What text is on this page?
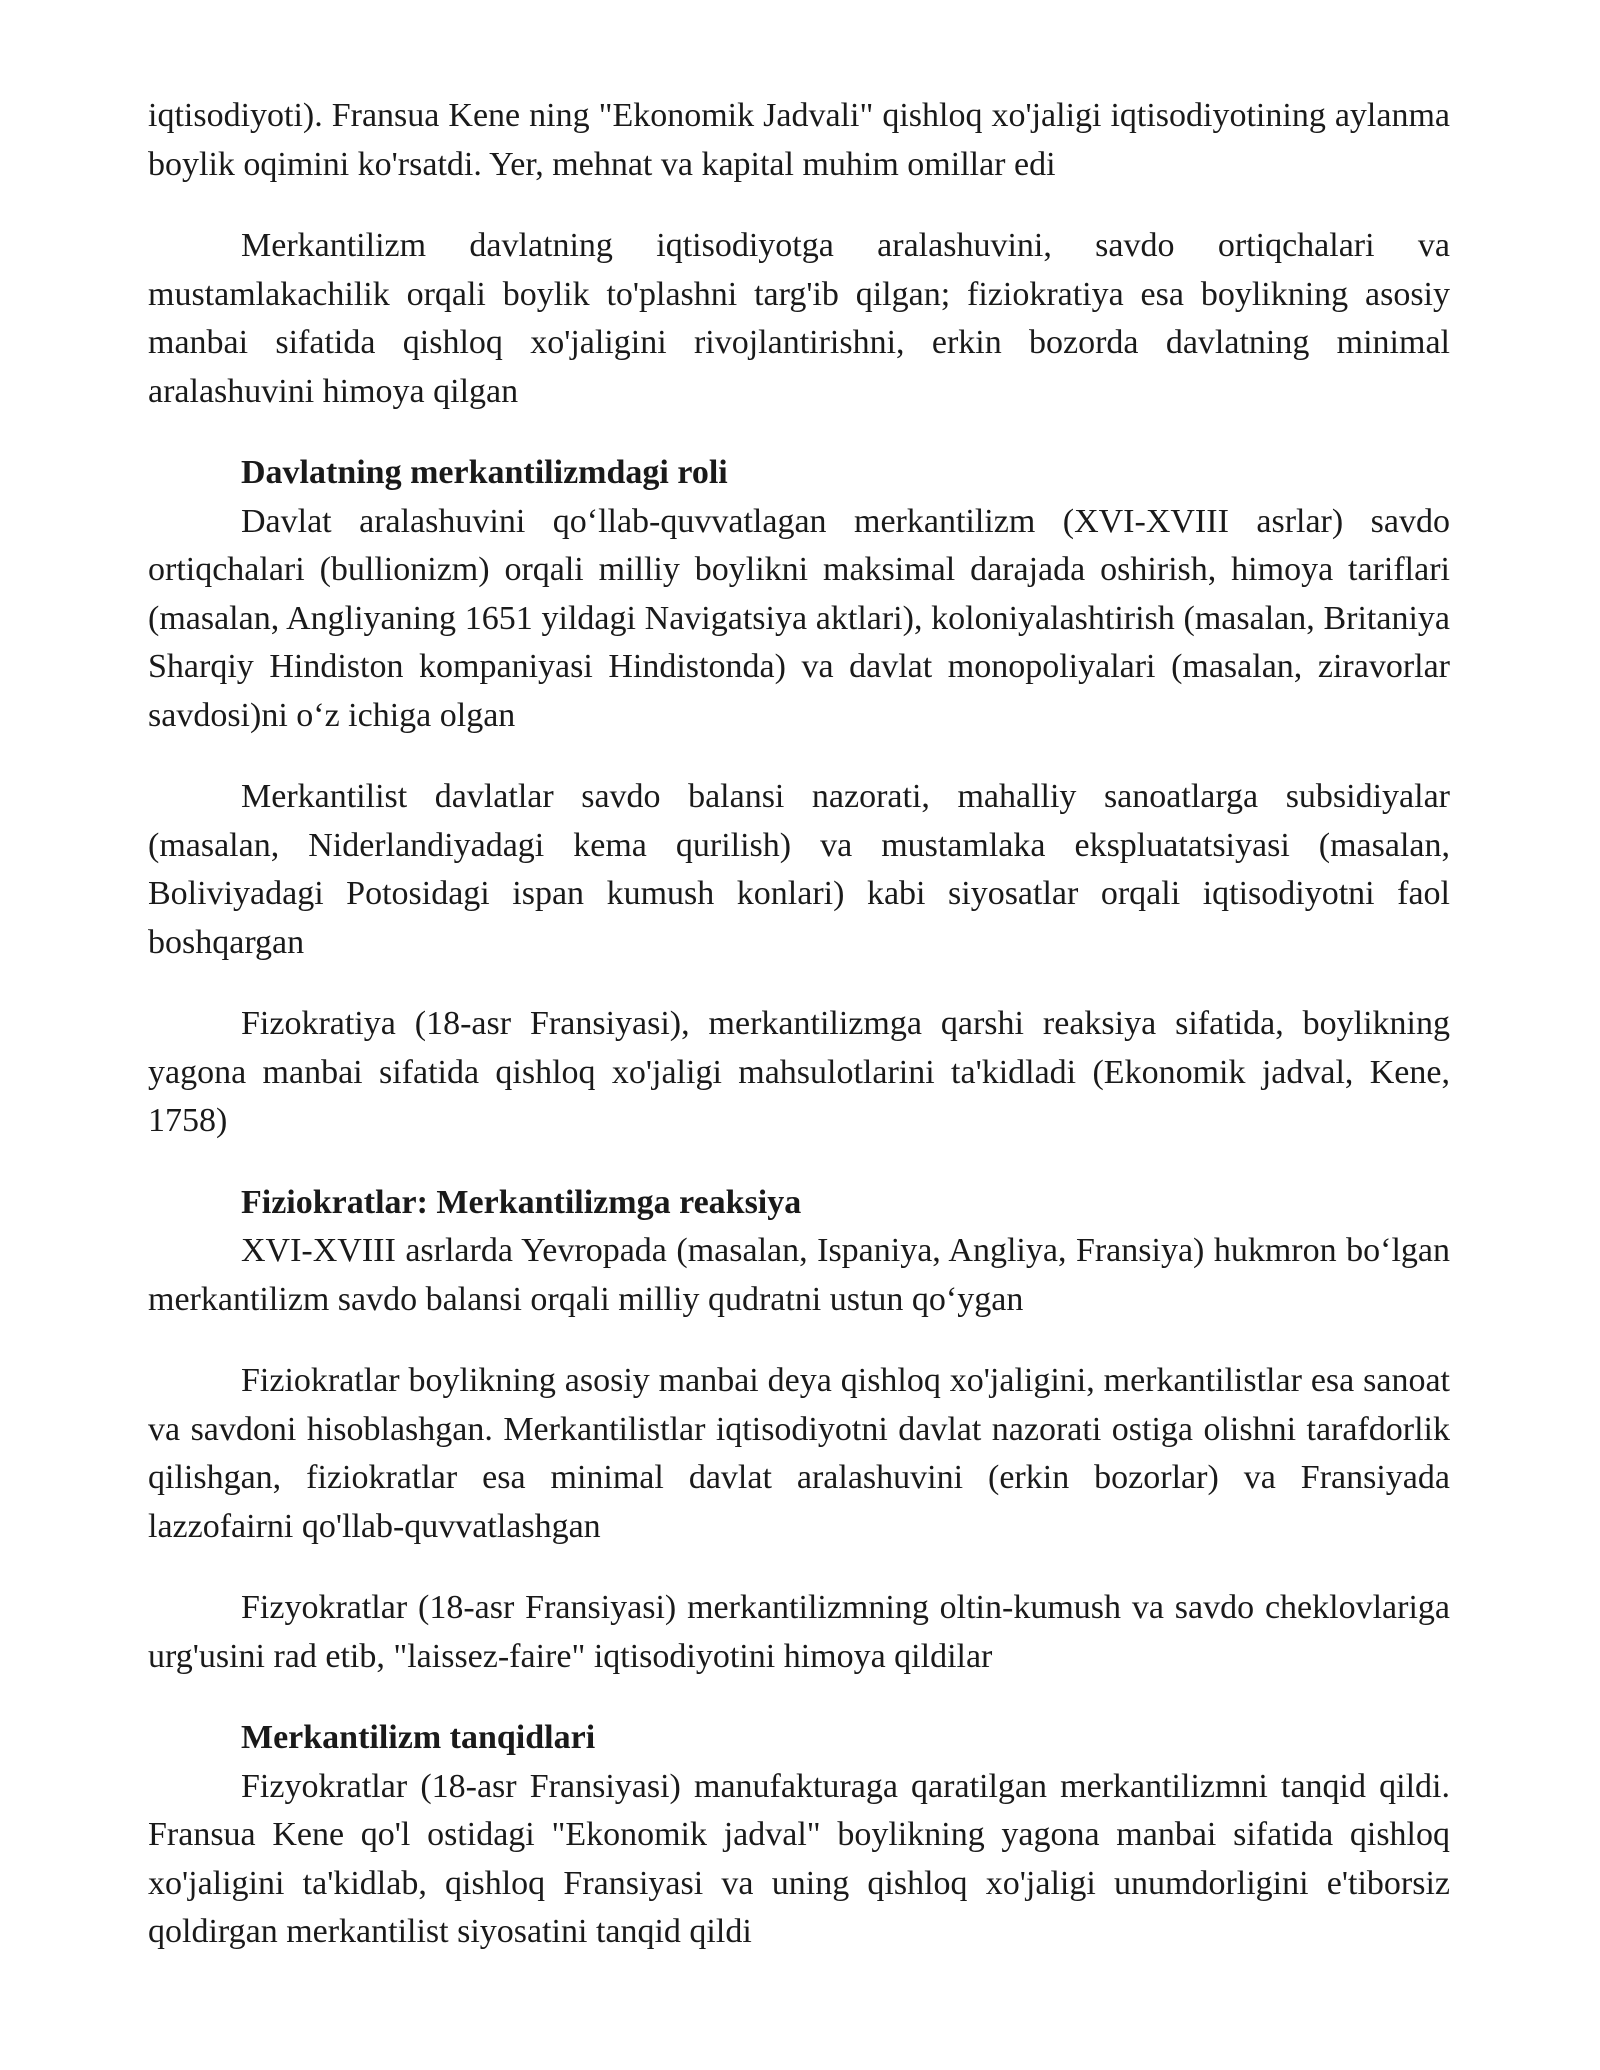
iqtisodiyoti). Fransua Kene ning "Ekonomik Jadvali" qishloq xo'jaligi iqtisodiyotining aylanma boylik oqimini ko'rsatdi. Yer, mehnat va kapital muhim omillar edi

Merkantilizm davlatning iqtisodiyotga aralashuvini, savdo ortiqchalari va mustamlakachilik orqali boylik to'plashni targ'ib qilgan; fiziokratiya esa boylikning asosiy manbai sifatida qishloq xo'jaligini rivojlantirishni, erkin bozorda davlatning minimal aralashuvini himoya qilgan

Davlatning merkantilizmdagi roli

Davlat aralashuvini qo‘llab-quvvatlagan merkantilizm (XVI-XVIII asrlar) savdo ortiqchalari (bullionizm) orqali milliy boylikni maksimal darajada oshirish, himoya tariflari (masalan, Angliyaning 1651 yildagi Navigatsiya aktlari), koloniyalashtirish (masalan, Britaniya Sharqiy Hindiston kompaniyasi Hindistonda) va davlat monopoliyalari (masalan, ziravorlar savdosi)ni o‘z ichiga olgan

Merkantilist davlatlar savdo balansi nazorati, mahalliy sanoatlarga subsidiyalar (masalan, Niderlandiyadagi kema qurilish) va mustamlaka ekspluatatsiyasi (masalan, Boliviyadagi Potosidagi ispan kumush konlari) kabi siyosatlar orqali iqtisodiyotni faol boshqargan

Fizokratiya (18-asr Fransiyasi), merkantilizmga qarshi reaksiya sifatida, boylikning yagona manbai sifatida qishloq xo'jaligi mahsulotlarini ta'kidladi (Ekonomik jadval, Kene, 1758)

Fiziokratlar: Merkantilizmga reaksiya

XVI-XVIII asrlarda Yevropada (masalan, Ispaniya, Angliya, Fransiya) hukmron bo‘lgan merkantilizm savdo balansi orqali milliy qudratni ustun qo‘ygan

Fiziokratlar boylikning asosiy manbai deya qishloq xo'jaligini, merkantilistlar esa sanoat va savdoni hisoblashgan. Merkantilistlar iqtisodiyotni davlat nazorati ostiga olishni tarafdorlik qilishgan, fiziokratlar esa minimal davlat aralashuvini (erkin bozorlar) va Fransiyada lazzofairni qo'llab-quvvatlashgan

Fizyokratlar (18-asr Fransiyasi) merkantilizmning oltin-kumush va savdo cheklovlariga urg'usini rad etib, "laissez-faire" iqtisodiyotini himoya qildilar

Merkantilizm tanqidlari

Fizyokratlar (18-asr Fransiyasi) manufakturaga qaratilgan merkantilizmni tanqid qildi. Fransua Kene qo'l ostidagi "Ekonomik jadval" boylikning yagona manbai sifatida qishloq xo'jaligini ta'kidlab, qishloq Fransiyasi va uning qishloq xo'jaligi unumdorligini e'tiborsiz qoldirgan merkantilist siyosatini tanqid qildi
